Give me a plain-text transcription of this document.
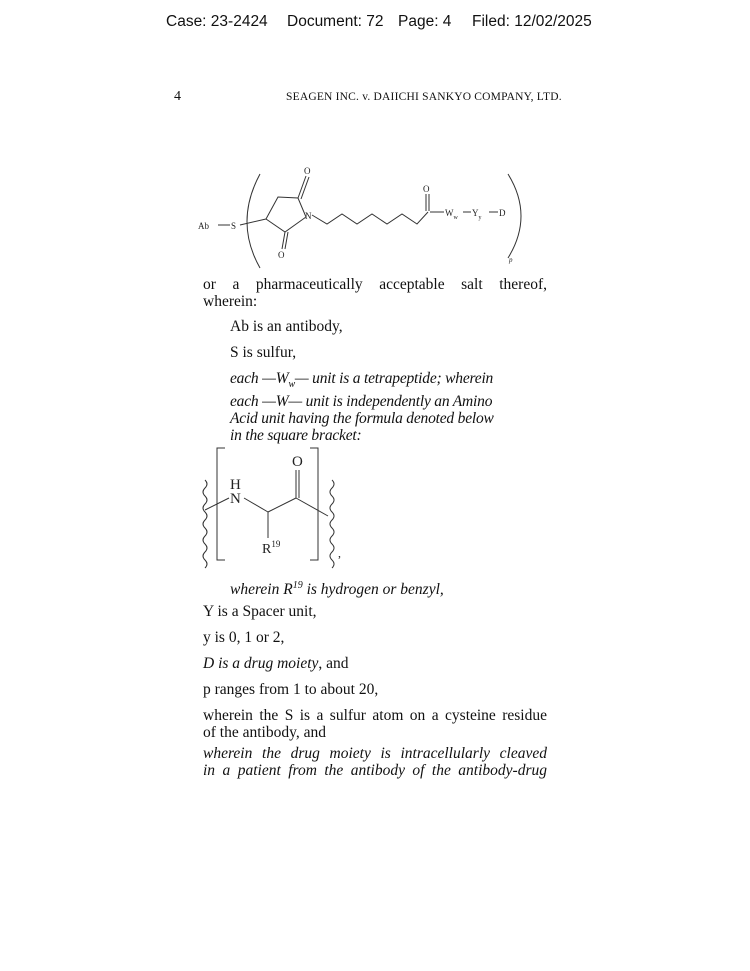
Case: 23-2424 Document: 72 Page: 4 Filed: 12/02/2025
4	SEAGEN INC. v. DAIICHI SANKYO COMPANY, LTD.
Ab S
O
O
N
O
$W_w$ $Y_y$ D
p
or a pharmaceutically acceptable salt thereof,
wherein:
Ab is an antibody,
S is sulfur,
each $—W_w—$ unit is a tetrapeptide; wherein
each —W— unit is independently an Amino
Acid unit having the formula denoted below
in the square bracket:
H
N
O
$R^{19}$
,
wherein $R^{19}$ is hydrogen or benzyl,
Y is a Spacer unit,
y is 0, 1 or 2,
D is a drug moiety, and
p ranges from 1 to about 20,
wherein the S is a sulfur atom on a cysteine residue
of the antibody, and
wherein the drug moiety is intracellularly cleaved
in a patient from the antibody of the antibody-drug
